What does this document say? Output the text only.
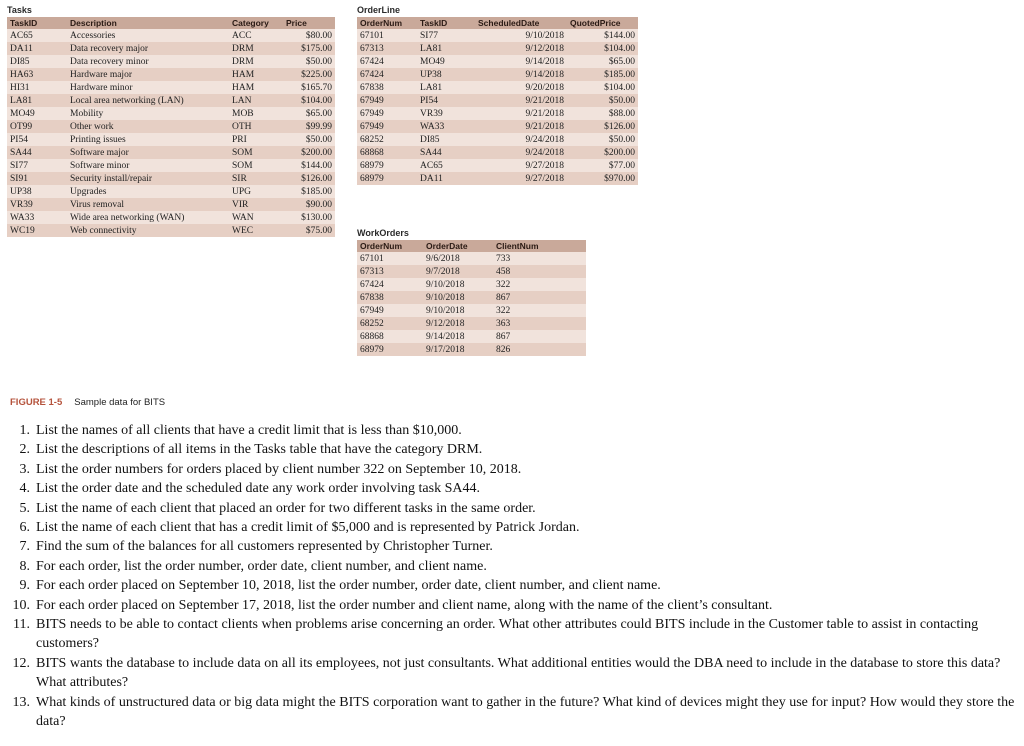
Tasks
TaskID	Description	Category	Price
AC65	Accessories	ACC	$80.00
DA11	Data recovery major	DRM	$175.00
DI85	Data recovery minor	DRM	$50.00
HA63	Hardware major	HAM	$225.00
HI31	Hardware minor	HAM	$165.70
LA81	Local area networking (LAN)	LAN	$104.00
MO49	Mobility	MOB	$65.00
OT99	Other work	OTH	$99.99
PI54	Printing issues	PRI	$50.00
SA44	Software major	SOM	$200.00
SI77	Software minor	SOM	$144.00
SI91	Security install/repair	SIR	$126.00
UP38	Upgrades	UPG	$185.00
VR39	Virus removal	VIR	$90.00
WA33	Wide area networking (WAN)	WAN	$130.00
WC19	Web connectivity	WEC	$75.00
OrderLine
OrderNum	TaskID	ScheduledDate	QuotedPrice
67101	SI77	9/10/2018	$144.00
67313	LA81	9/12/2018	$104.00
67424	MO49	9/14/2018	$65.00
67424	UP38	9/14/2018	$185.00
67838	LA81	9/20/2018	$104.00
67949	PI54	9/21/2018	$50.00
67949	VR39	9/21/2018	$88.00
67949	WA33	9/21/2018	$126.00
68252	DI85	9/24/2018	$50.00
68868	SA44	9/24/2018	$200.00
68979	AC65	9/27/2018	$77.00
68979	DA11	9/27/2018	$970.00
WorkOrders
OrderNum	OrderDate	ClientNum
67101	9/6/2018	733
67313	9/7/2018	458
67424	9/10/2018	322
67838	9/10/2018	867
67949	9/10/2018	322
68252	9/12/2018	363
68868	9/14/2018	867
68979	9/17/2018	826
FIGURE 1-5 Sample data for BITS
1. List the names of all clients that have a credit limit that is less than $10,000.
2. List the descriptions of all items in the Tasks table that have the category DRM.
3. List the order numbers for orders placed by client number 322 on September 10, 2018.
4. List the order date and the scheduled date any work order involving task SA44.
5. List the name of each client that placed an order for two different tasks in the same order.
6. List the name of each client that has a credit limit of $5,000 and is represented by Patrick Jordan.
7. Find the sum of the balances for all customers represented by Christopher Turner.
8. For each order, list the order number, order date, client number, and client name.
9. For each order placed on September 10, 2018, list the order number, order date, client number, and client name.
10. For each order placed on September 17, 2018, list the order number and client name, along with the name of the client’s consultant.
11. BITS needs to be able to contact clients when problems arise concerning an order. What other attributes could BITS include in the Customer table to assist in contacting customers?
12. BITS wants the database to include data on all its employees, not just consultants. What additional entities would the DBA need to include in the database to store this data? What attributes?
13. What kinds of unstructured data or big data might the BITS corporation want to gather in the future? What kind of devices might they use for input? How would they store the data?
